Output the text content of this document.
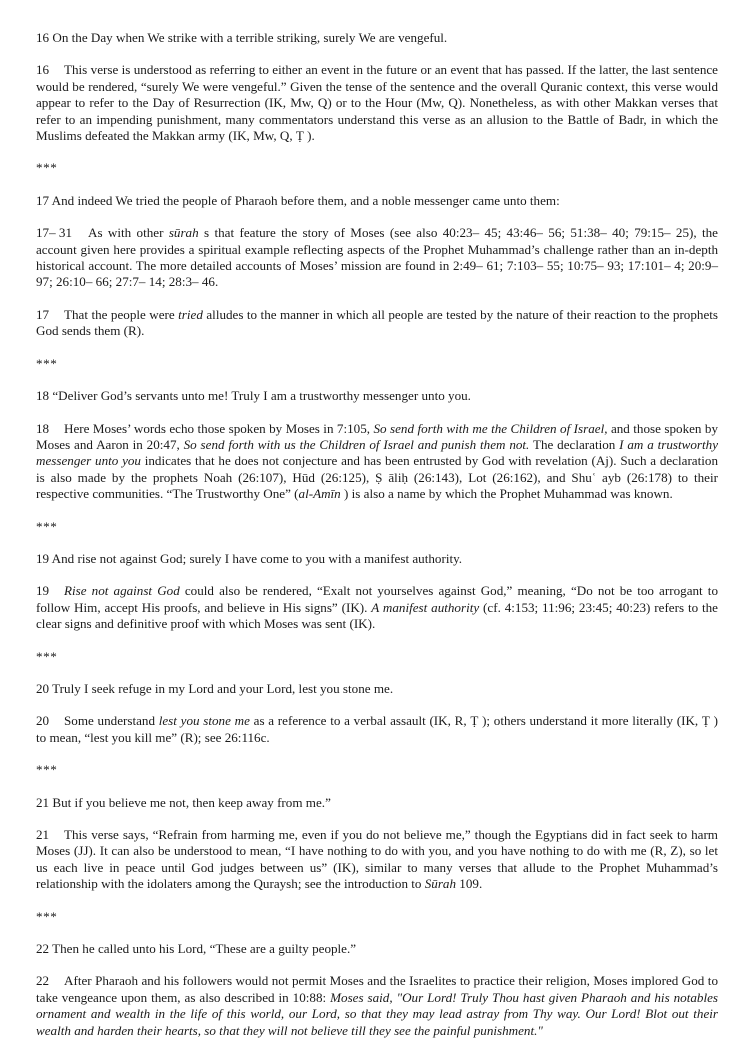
16 On the Day when We strike with a terrible striking, surely We are vengeful.

16 This verse is understood as referring to either an event in the future or an event that has passed. If the latter, the last sentence would be rendered, “surely We were vengeful.” Given the tense of the sentence and the overall Quranic context, this verse would appear to refer to the Day of Resurrection (IK, Mw, Q) or to the Hour (Mw, Q). Nonetheless, as with other Makkan verses that refer to an impending punishment, many commentators understand this verse as an allusion to the Battle of Badr, in which the Muslims defeated the Makkan army (IK, Mw, Q, Ṭ ).

***

17 And indeed We tried the people of Pharaoh before them, and a noble messenger came unto them:

17– 31 As with other sūrah s that feature the story of Moses (see also 40:23– 45; 43:46– 56; 51:38– 40; 79:15– 25), the account given here provides a spiritual example reflecting aspects of the Prophet Muhammad’s challenge rather than an in-depth historical account. The more detailed accounts of Moses’ mission are found in 2:49– 61; 7:103– 55; 10:75– 93; 17:101– 4; 20:9– 97; 26:10– 66; 27:7– 14; 28:3– 46.

17 That the people were tried alludes to the manner in which all people are tested by the nature of their reaction to the prophets God sends them (R).

***

18 “Deliver God’s servants unto me! Truly I am a trustworthy messenger unto you.

18 Here Moses’ words echo those spoken by Moses in 7:105, So send forth with me the Children of Israel, and those spoken by Moses and Aaron in 20:47, So send forth with us the Children of Israel and punish them not. The declaration I am a trustworthy messenger unto you indicates that he does not conjecture and has been entrusted by God with revelation (Aj). Such a declaration is also made by the prophets Noah (26:107), Hūd (26:125), Ṣ āliḥ (26:143), Lot (26:162), and Shuʿ ayb (26:178) to their respective communities. “The Trustworthy One” (al-Amīn ) is also a name by which the Prophet Muhammad was known.

***

19 And rise not against God; surely I have come to you with a manifest authority.

19 Rise not against God could also be rendered, “Exalt not yourselves against God,” meaning, “Do not be too arrogant to follow Him, accept His proofs, and believe in His signs” (IK). A manifest authority (cf. 4:153; 11:96; 23:45; 40:23) refers to the clear signs and definitive proof with which Moses was sent (IK).

***

20 Truly I seek refuge in my Lord and your Lord, lest you stone me.

20 Some understand lest you stone me as a reference to a verbal assault (IK, R, Ṭ ); others understand it more literally (IK, Ṭ ) to mean, “lest you kill me” (R); see 26:116c.

***

21 But if you believe me not, then keep away from me.”

21 This verse says, “Refrain from harming me, even if you do not believe me,” though the Egyptians did in fact seek to harm Moses (JJ). It can also be understood to mean, “I have nothing to do with you, and you have nothing to do with me (R, Z), so let us each live in peace until God judges between us” (IK), similar to many verses that allude to the Prophet Muhammad’s relationship with the idolaters among the Quraysh; see the introduction to Sūrah 109.

***

22 Then he called unto his Lord, “These are a guilty people.”

22 After Pharaoh and his followers would not permit Moses and the Israelites to practice their religion, Moses implored God to take vengeance upon them, as also described in 10:88: Moses said, "Our Lord! Truly Thou hast given Pharaoh and his notables ornament and wealth in the life of this world, our Lord, so that they may lead astray from Thy way. Our Lord! Blot out their wealth and harden their hearts, so that they will not believe till they see the painful punishment."
